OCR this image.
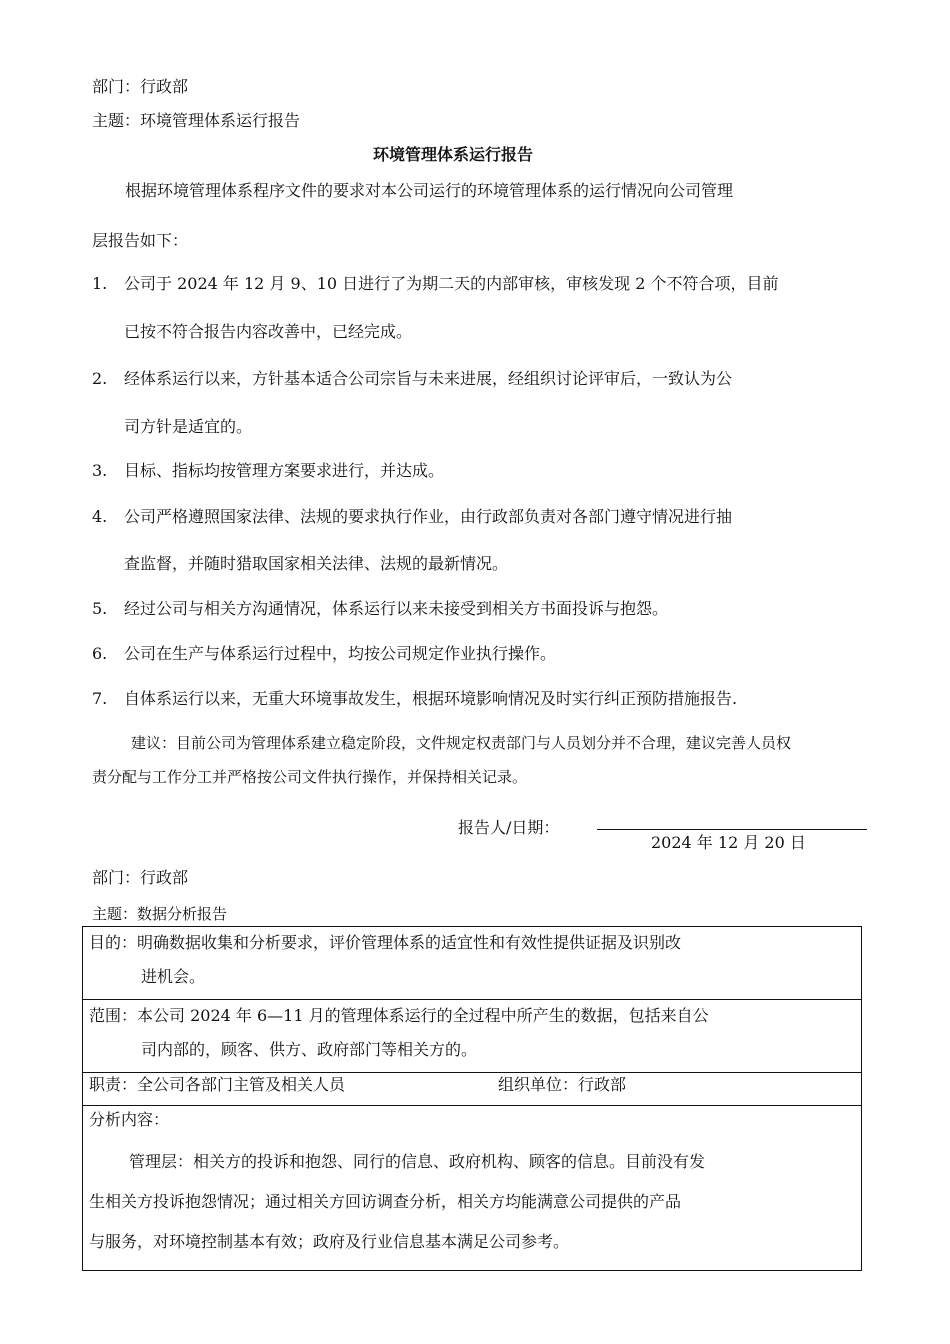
部门：行政部
主题：环境管理体系运行报告
环境管理体系运行报告
根据环境管理体系程序文件的要求对本公司运行的环境管理体系的运行情况向公司管理
层报告如下：
1. 公司于 2024 年 12 月 9、10 日进行了为期二天的内部审核，审核发现 2 个不符合项，目前
已按不符合报告内容改善中，已经完成。
2. 经体系运行以来，方针基本适合公司宗旨与未来进展，经组织讨论评审后，一致认为公
司方针是适宜的。
3. 目标、指标均按管理方案要求进行，并达成。
4. 公司严格遵照国家法律、法规的要求执行作业，由行政部负责对各部门遵守情况进行抽
查监督，并随时猎取国家相关法律、法规的最新情况。
5. 经过公司与相关方沟通情况，体系运行以来未接受到相关方书面投诉与抱怨。
6. 公司在生产与体系运行过程中，均按公司规定作业执行操作。
7. 自体系运行以来，无重大环境事故发生，根据环境影响情况及时实行纠正预防措施报告.
建议：目前公司为管理体系建立稳定阶段，文件规定权责部门与人员划分并不合理，建议完善人员权
责分配与工作分工并严格按公司文件执行操作，并保持相关记录。
报告人/日期：
2024 年 12 月 20 日
部门：行政部
主题：数据分析报告
目的：明确数据收集和分析要求，评价管理体系的适宜性和有效性提供证据及识别改
进机会。

范围：本公司 2024 年 6—11 月的管理体系运行的全过程中所产生的数据，包括来自公
司内部的，顾客、供方、政府部门等相关方的。

职责：全公司各部门主管及相关人员	组织单位：行政部

分析内容：
管理层：相关方的投诉和抱怨、同行的信息、政府机构、顾客的信息。目前没有发
生相关方投诉抱怨情况；通过相关方回访调查分析，相关方均能满意公司提供的产品
与服务，对环境控制基本有效；政府及行业信息基本满足公司参考。
